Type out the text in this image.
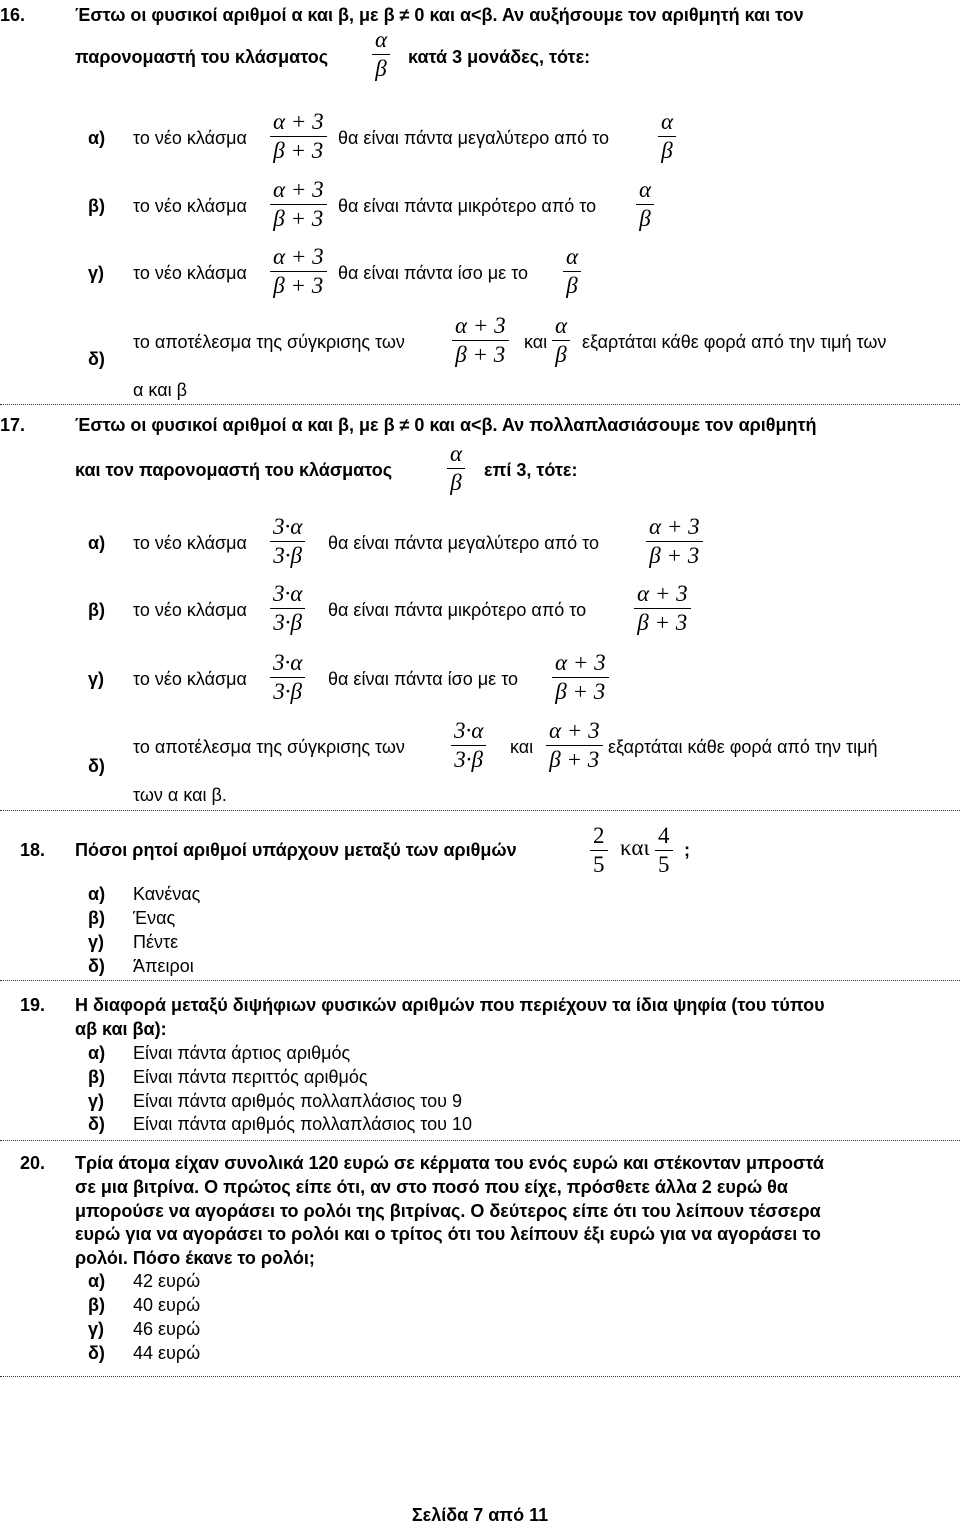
16.	Έστω οι φυσικοί αριθμοί α και β, με β ≠ 0 και α<β. Αν αυξήσουμε τον αριθμητή και τον
παρονομαστή του κλάσματος $\frac{\alpha}{\beta}$ κατά 3 μονάδες, τότε:
α) το νέο κλάσμα $\frac{\alpha + 3}{\beta + 3}$ θα είναι πάντα μεγαλύτερο από το $\frac{\alpha}{\beta}$
β) το νέο κλάσμα $\frac{\alpha + 3}{\beta + 3}$ θα είναι πάντα μικρότερο από το $\frac{\alpha}{\beta}$
γ) το νέο κλάσμα $\frac{\alpha + 3}{\beta + 3}$ θα είναι πάντα ίσο με το $\frac{\alpha}{\beta}$
δ)
το αποτέλεσμα της σύγκρισης των $\frac{\alpha + 3}{\beta + 3}$ και $\frac{\alpha}{\beta}$ εξαρτάται κάθε φορά από την τιμή των
α και β
17.	Έστω οι φυσικοί αριθμοί α και β, με β ≠ 0 και α<β. Αν πολλαπλασιάσουμε τον αριθμητή
και τον παρονομαστή του κλάσματος $\frac{\alpha}{\beta}$ επί 3, τότε:
α) το νέο κλάσμα $\frac{3\cdot\alpha}{3\cdot\beta}$ θα είναι πάντα μεγαλύτερο από το $\frac{\alpha + 3}{\beta + 3}$
β) το νέο κλάσμα $\frac{3\cdot\alpha}{3\cdot\beta}$ θα είναι πάντα μικρότερο από το $\frac{\alpha + 3}{\beta + 3}$
γ) το νέο κλάσμα $\frac{3\cdot\alpha}{3\cdot\beta}$ θα είναι πάντα ίσο με το $\frac{\alpha + 3}{\beta + 3}$
δ)
το αποτέλεσμα της σύγκρισης των $\frac{3\cdot\alpha}{3\cdot\beta}$ και $\frac{\alpha + 3}{\beta + 3}$ εξαρτάται κάθε φορά από την τιμή
των α και β.
18. Πόσοι ρητοί αριθμοί υπάρχουν μεταξύ των αριθμών	$\frac{2}{5}$ και $\frac{4}{5}$ ;
α) Κανένας
β) Ένας
γ) Πέντε
δ) Άπειροι
19. Η διαφορά μεταξύ διψήφιων φυσικών αριθμών που περιέχουν τα ίδια ψηφία (του τύπου
αβ και βα):
α) Είναι πάντα άρτιος αριθμός
β) Είναι πάντα περιττός αριθμός
γ) Είναι πάντα αριθμός πολλαπλάσιος του 9
δ) Είναι πάντα αριθμός πολλαπλάσιος του 10
20. Τρία άτομα είχαν συνολικά 120 ευρώ σε κέρματα του ενός ευρώ και στέκονταν μπροστά
σε μια βιτρίνα. Ο πρώτος είπε ότι, αν στο ποσό που είχε, πρόσθετε άλλα 2 ευρώ θα
μπορούσε να αγοράσει το ρολόι της βιτρίνας. Ο δεύτερος είπε ότι του λείπουν τέσσερα
ευρώ για να αγοράσει το ρολόι και ο τρίτος ότι του λείπουν έξι ευρώ για να αγοράσει το
ρολόι. Πόσο έκανε το ρολόι;
α) 42 ευρώ
β) 40 ευρώ
γ) 46 ευρώ
δ) 44 ευρώ
Σελίδα 7 από 11
